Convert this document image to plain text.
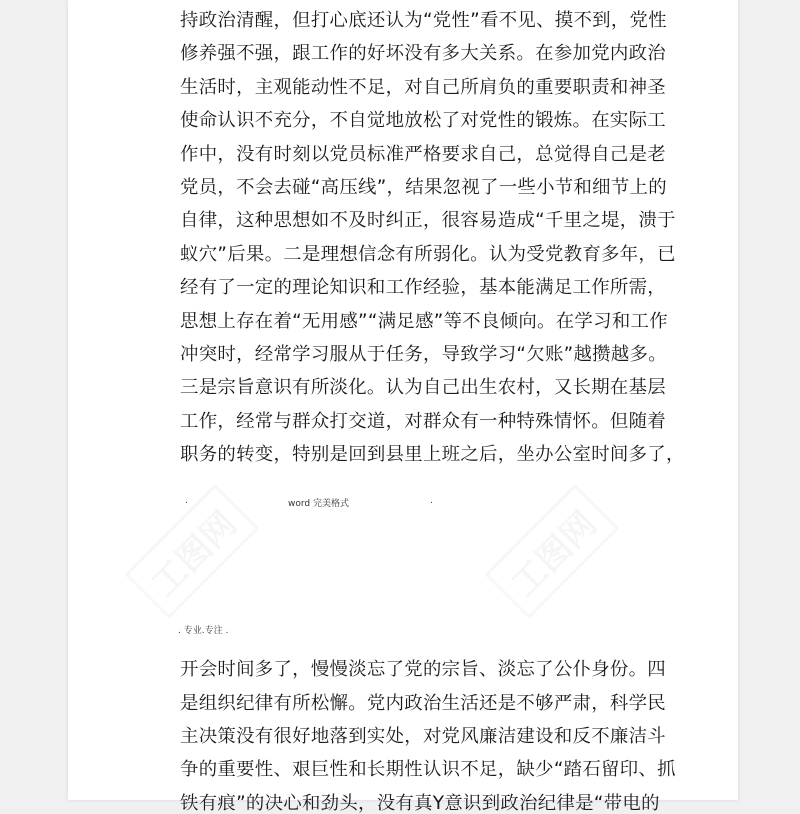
工图网	工图网
持政治清醒，但打心底还认为“党性”看不见、摸不到，党性
修养强不强，跟工作的好坏没有多大关系。在参加党内政治
生活时，主观能动性不足，对自己所肩负的重要职责和神圣
使命认识不充分，不自觉地放松了对党性的锻炼。在实际工
作中，没有时刻以党员标准严格要求自己，总觉得自己是老
党员，不会去碰“高压线”，结果忽视了一些小节和细节上的
自律，这种思想如不及时纠正，很容易造成“千里之堤，溃于
蚁穴”后果。二是理想信念有所弱化。认为受党教育多年，已
经有了一定的理论知识和工作经验，基本能满足工作所需，
思想上存在着“无用感”“满足感”等不良倾向。在学习和工作
冲突时，经常学习服从于任务，导致学习“欠账”越攒越多。
三是宗旨意识有所淡化。认为自己出生农村，又长期在基层
工作，经常与群众打交道，对群众有一种特殊情怀。但随着
职务的转变，特别是回到县里上班之后，坐办公室时间多了，
.	word 完美格式	.
. 专业.专注 .
开会时间多了，慢慢淡忘了党的宗旨、淡忘了公仆身份。四
是组织纪律有所松懈。党内政治生活还是不够严肃，科学民
主决策没有很好地落到实处，对党风廉洁建设和反不廉洁斗
争的重要性、艰巨性和长期性认识不足，缺少“踏石留印、抓
铁有痕”的决心和劲头，没有真Y意识到政治纪律是“带电的
